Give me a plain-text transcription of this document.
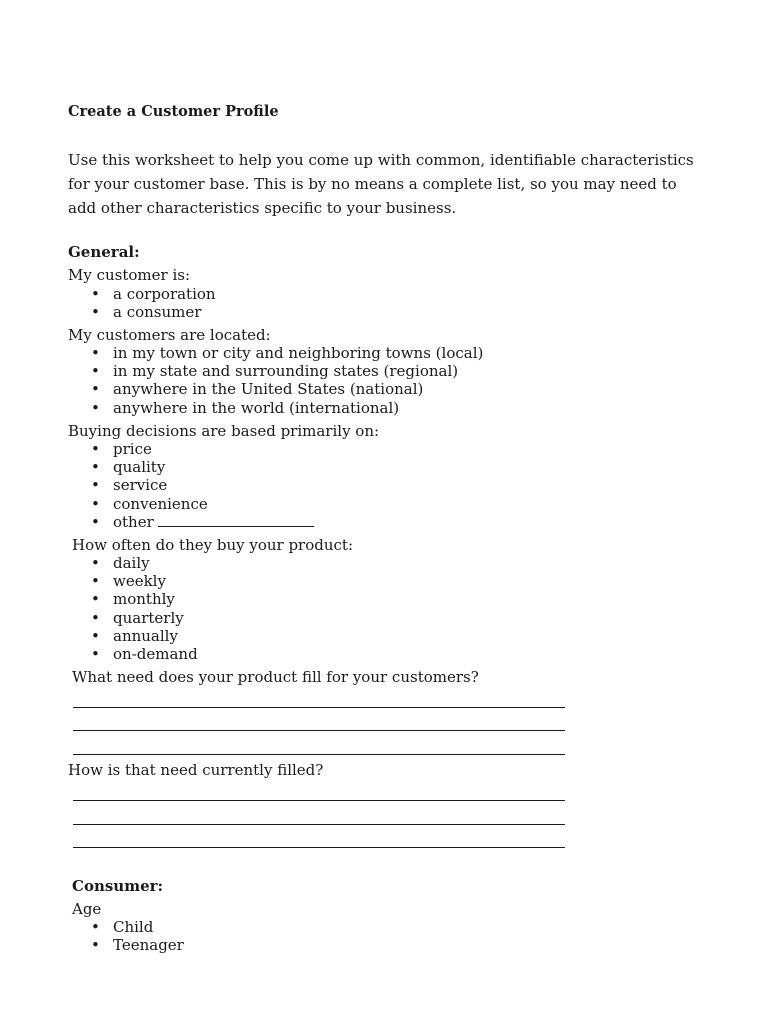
Create a Customer Profile
Use this worksheet to help you come up with common, identifiable characteristics for your customer base. This is by no means a complete list, so you may need to add other characteristics specific to your business.
General:
My customer is:
• a corporation
• a consumer
My customers are located:
• in my town or city and neighboring towns (local)
• in my state and surrounding states (regional)
• anywhere in the United States (national)
• anywhere in the world (international)
Buying decisions are based primarily on:
• price
• quality
• service
• convenience
• other
How often do they buy your product:
• daily
• weekly
• monthly
• quarterly
• annually
• on-demand
What need does your product fill for your customers?
How is that need currently filled?
Consumer:
Age
• Child
• Teenager
